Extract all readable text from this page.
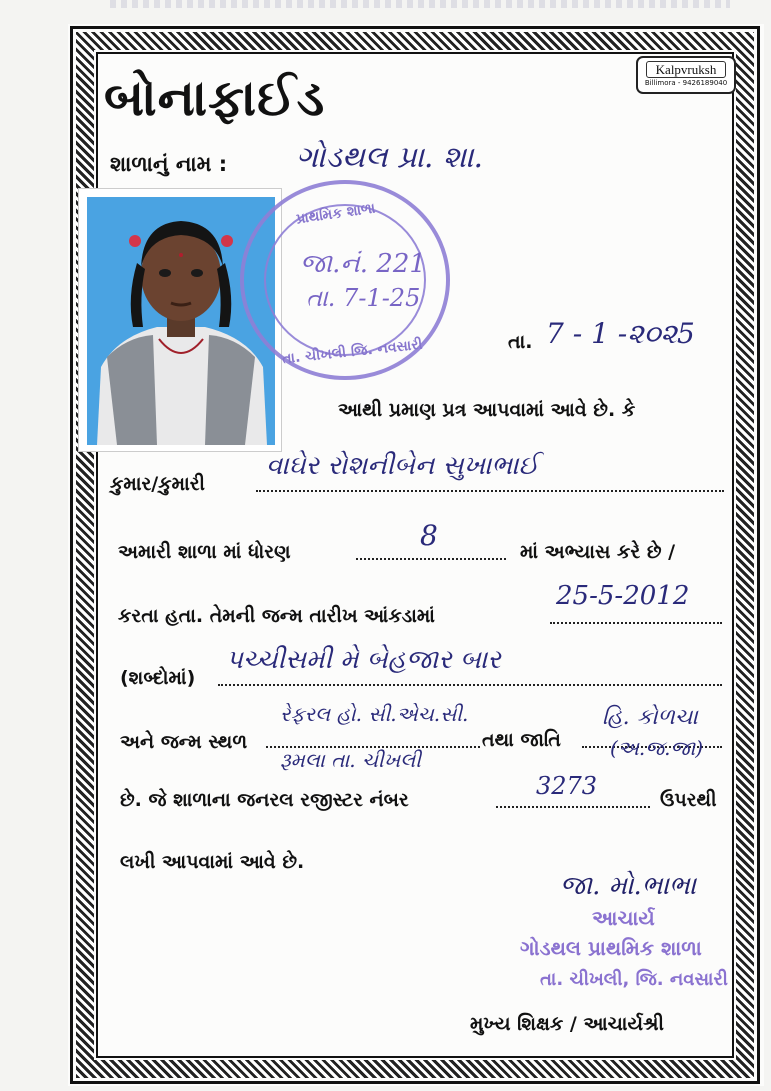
Kalpvruksh
Billimora - 9426189040
બોનાફાઈડ
શાળાનું નામ : ગોડથલ પ્રા. શા.
પ્રાથમિક શાળા
જા.નં. 221
તા. 7-1-25
તા. ચીખલી જિ. નવસારી	તા. 7 - 1 -૨૦૨5
આથી પ્રમાણ પ્રત્ર આપવામાં આવે છે. કે
કુમાર/કુમારી
વાઘેર રોશનીબેન સુખાભાઈ
અમારી શાળા માં ધોરણ	8	માં અભ્યાસ કરે છે /
કરતા હતા. તેમની જન્મ તારીખ આંકડામાં
25-5-2012
(શબ્દોમાં)
પચ્ચીસમી મે બેહજાર બાર
અને જન્મ સ્થળ
રેફરલ હો. સી.એચ.સી.
રૂમલા તા. ચીખલી
તથા જાતિ
હિ. કોળચા
(અ.જ.જા)
છે. જે શાળાના જનરલ રજીસ્ટર નંબર	3273	ઉપરથી
લખી આપવામાં આવે છે.
જા. મો.ભાભા
આચાર્ય
ગોડથલ પ્રાથમિક શાળા
તા. ચીખલી, જિ. નવસારી
મુખ્ય શિક્ષક / આચાર્યશ્રી
